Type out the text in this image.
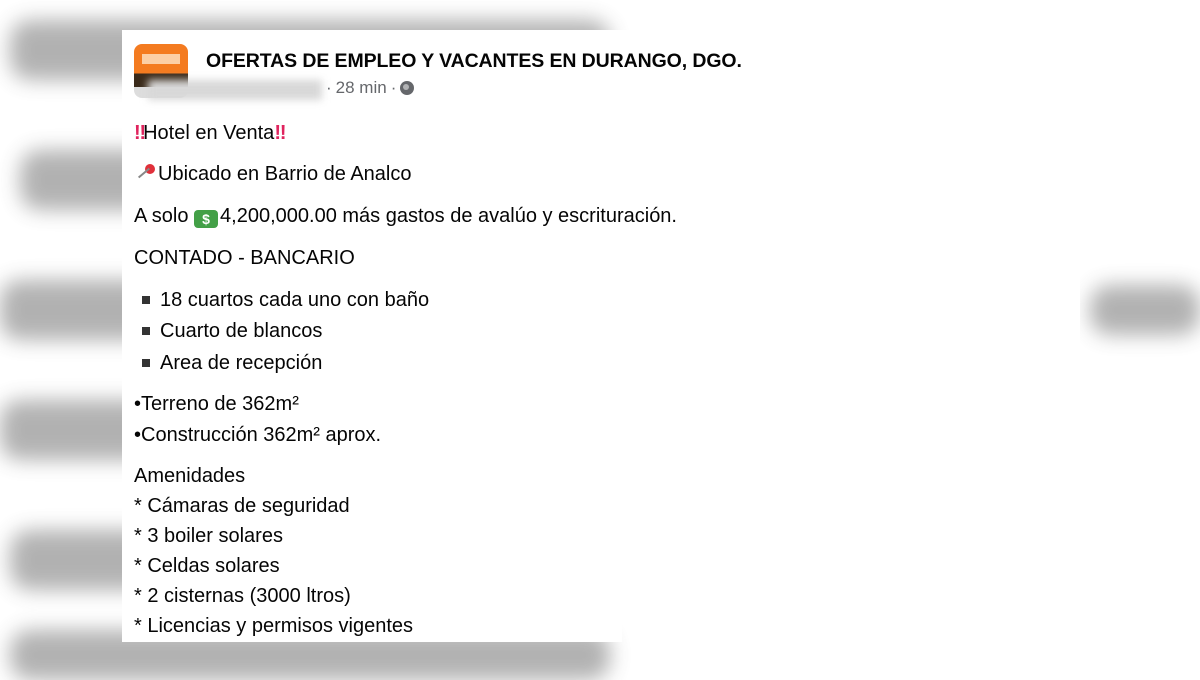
OFERTAS DE EMPLEO Y VACANTES EN DURANGO, DGO.
· 28 min ·
‼Hotel en Venta‼
Ubicado en Barrio de Analco
A solo $ 4,200,000.00 más gastos de avalúo y escrituración.
CONTADO - BANCARIO
18 cuartos cada uno con baño
Cuarto de blancos
Area de recepción
•Terreno de 362m²
•Construcción 362m² aprox.
Amenidades
* Cámaras de seguridad
* 3 boiler solares
* Celdas solares
* 2 cisternas (3000 ltros)
* Licencias y permisos vigentes
